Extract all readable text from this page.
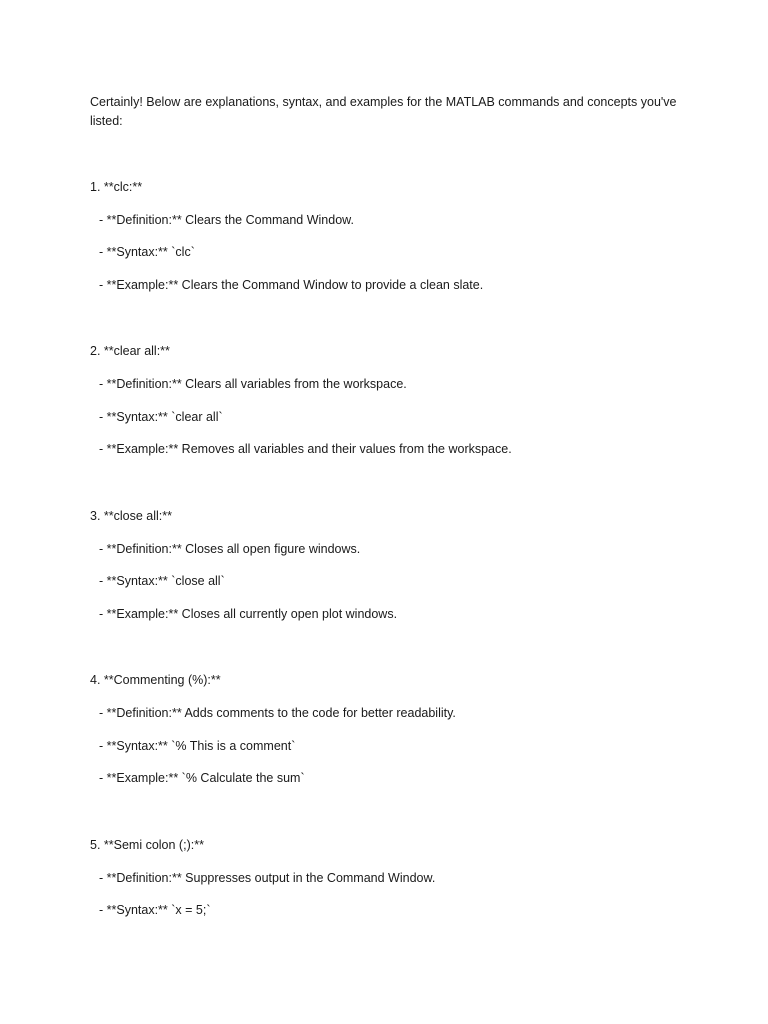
Certainly! Below are explanations, syntax, and examples for the MATLAB commands and concepts you've listed:

1. **clc:**

- **Definition:** Clears the Command Window.

- **Syntax:** `clc`

- **Example:** Clears the Command Window to provide a clean slate.

2. **clear all:**

- **Definition:** Clears all variables from the workspace.

- **Syntax:** `clear all`

- **Example:** Removes all variables and their values from the workspace.

3. **close all:**

- **Definition:** Closes all open figure windows.

- **Syntax:** `close all`

- **Example:** Closes all currently open plot windows.

4. **Commenting (%):**

- **Definition:** Adds comments to the code for better readability.

- **Syntax:** `% This is a comment`

- **Example:** `% Calculate the sum`

5. **Semi colon (;):**

- **Definition:** Suppresses output in the Command Window.

- **Syntax:** `x = 5;`
